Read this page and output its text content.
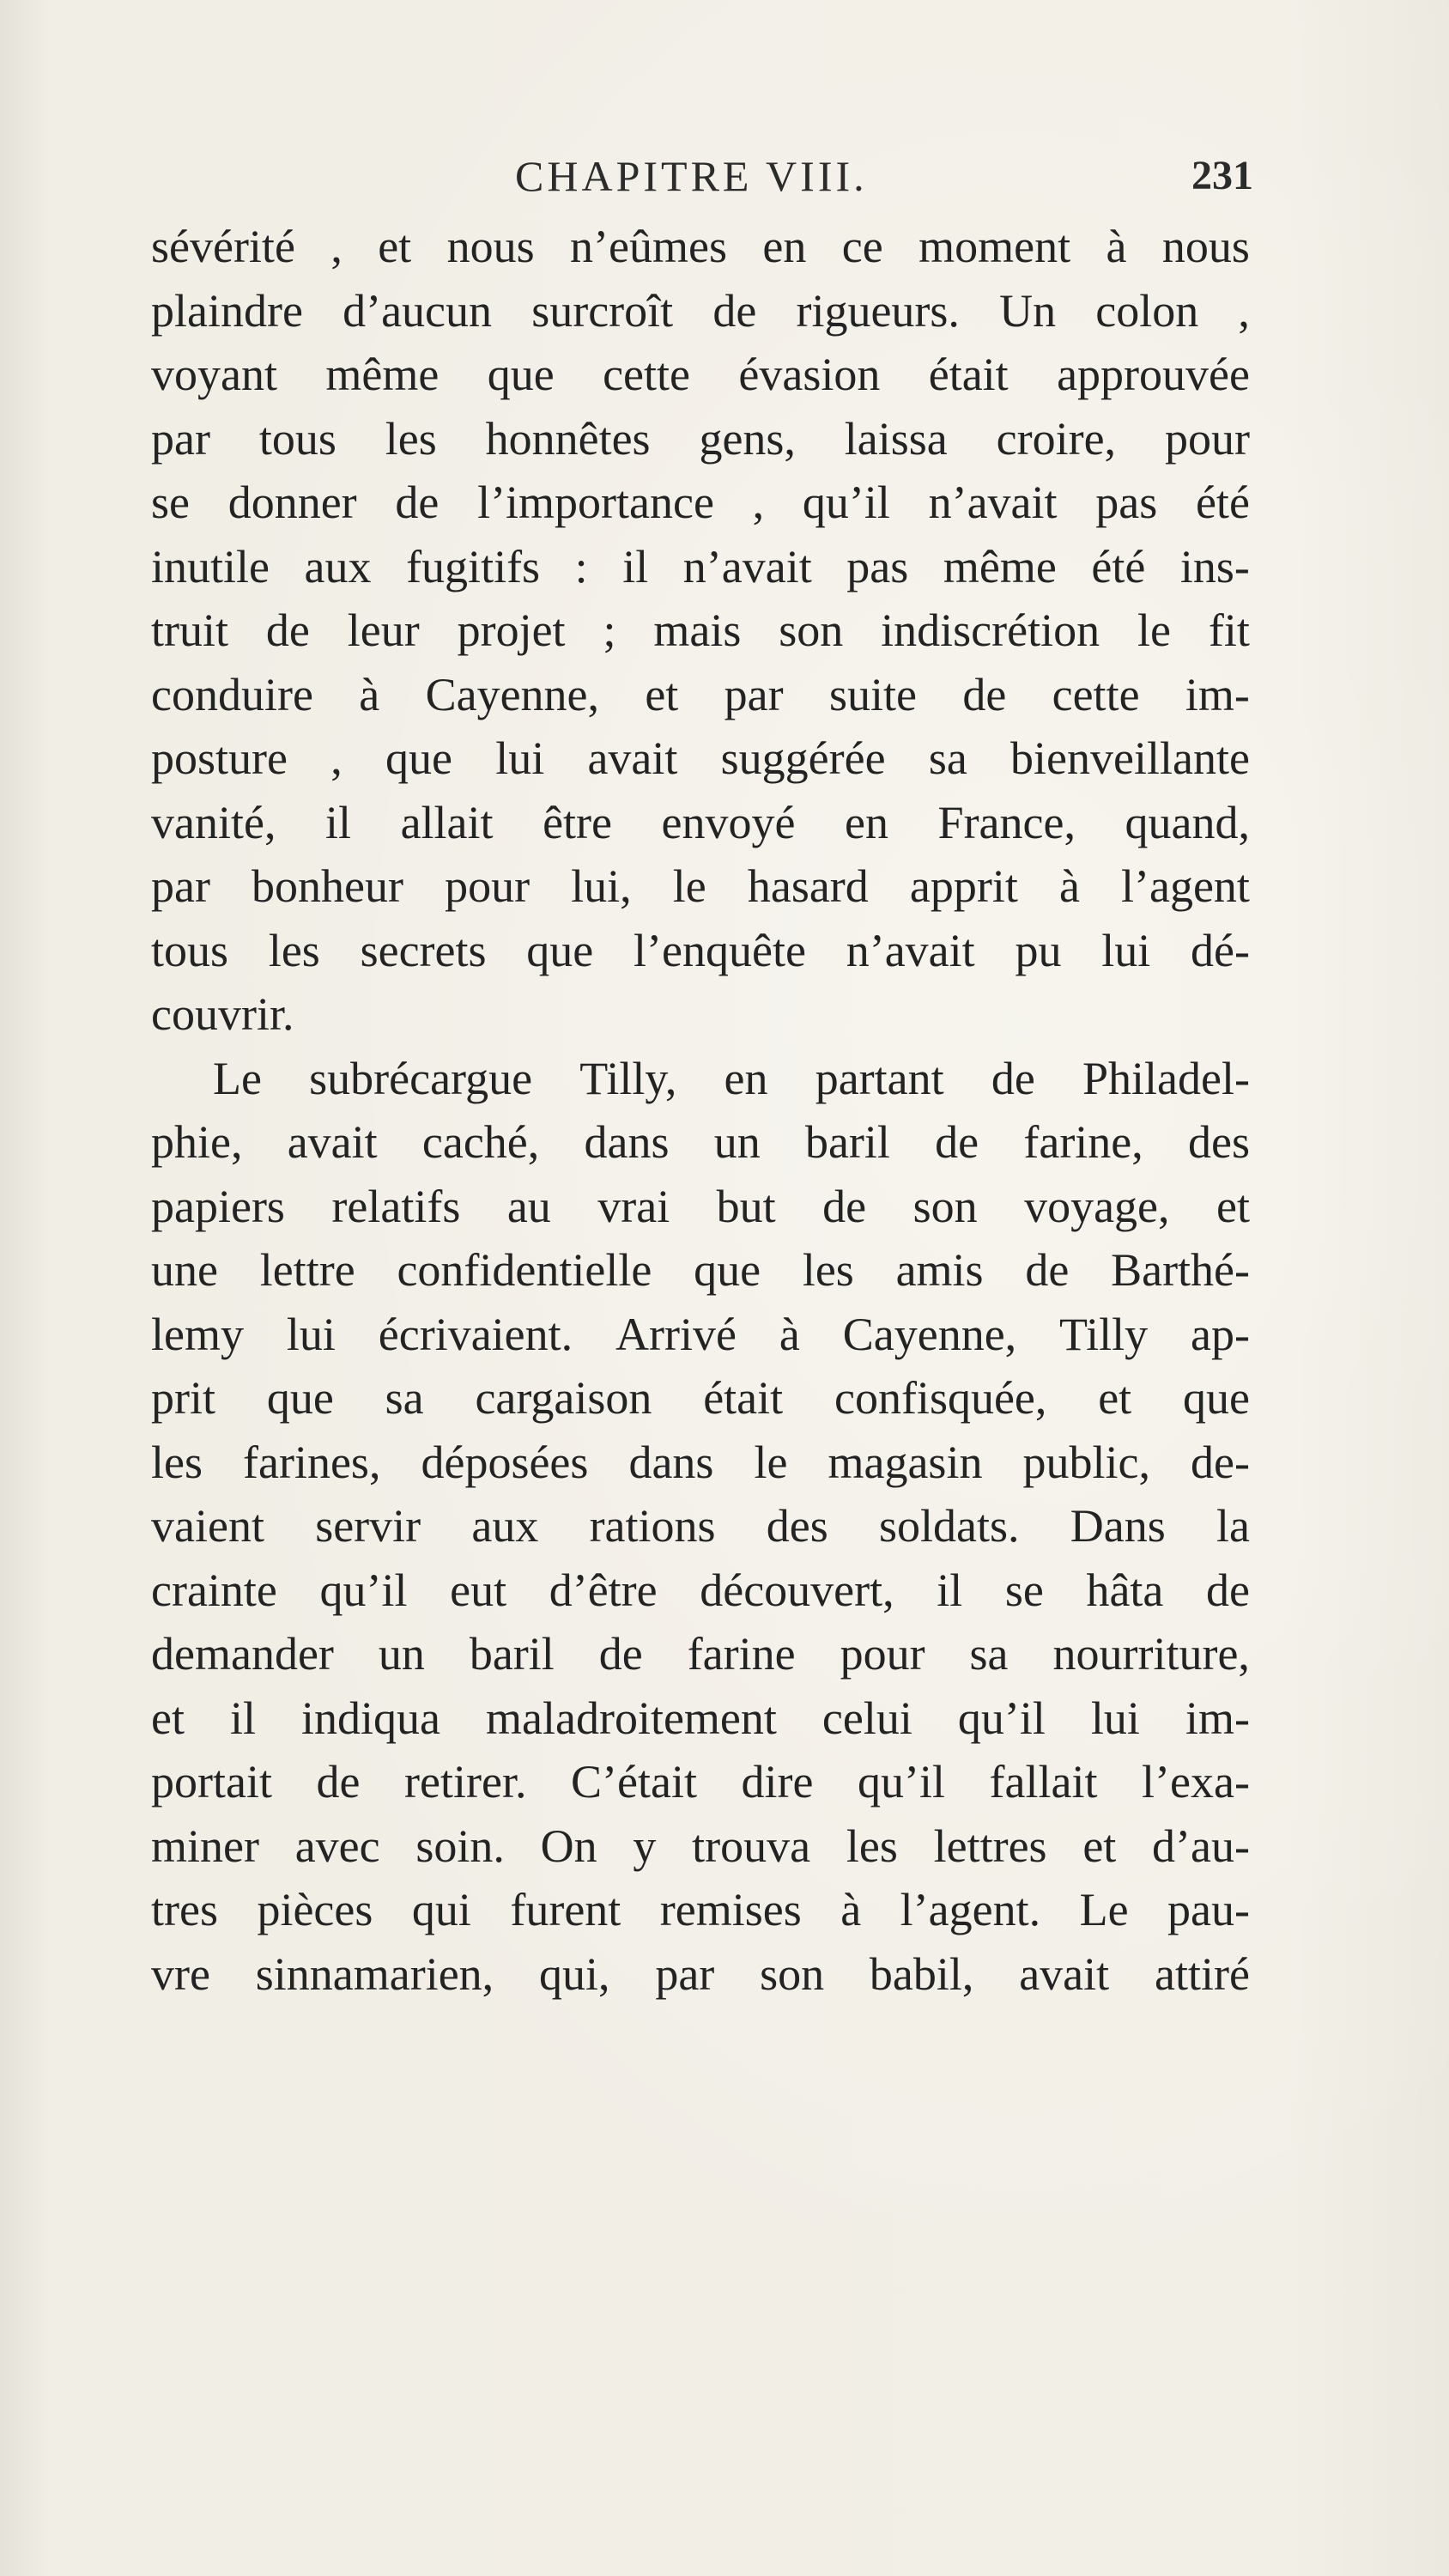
CHAPITRE VIII.	231
sévérité , et nous n’eûmes en ce moment à nous
plaindre d’aucun surcroît de rigueurs. Un colon ,
voyant même que cette évasion était approuvée
par tous les honnêtes gens, laissa croire, pour
se donner de l’importance , qu’il n’avait pas été
inutile aux fugitifs : il n’avait pas même été ins-
truit de leur projet ; mais son indiscrétion le fit
conduire à Cayenne, et par suite de cette im-
posture , que lui avait suggérée sa bienveillante
vanité, il allait être envoyé en France, quand,
par bonheur pour lui, le hasard apprit à l’agent
tous les secrets que l’enquête n’avait pu lui dé-
couvrir.
Le subrécargue Tilly, en partant de Philadel-
phie, avait caché, dans un baril de farine, des
papiers relatifs au vrai but de son voyage, et
une lettre confidentielle que les amis de Barthé-
lemy lui écrivaient. Arrivé à Cayenne, Tilly ap-
prit que sa cargaison était confisquée, et que
les farines, déposées dans le magasin public, de-
vaient servir aux rations des soldats. Dans la
crainte qu’il eut d’être découvert, il se hâta de
demander un baril de farine pour sa nourriture,
et il indiqua maladroitement celui qu’il lui im-
portait de retirer. C’était dire qu’il fallait l’exa-
miner avec soin. On y trouva les lettres et d’au-
tres pièces qui furent remises à l’agent. Le pau-
vre sinnamarien, qui, par son babil, avait attiré
